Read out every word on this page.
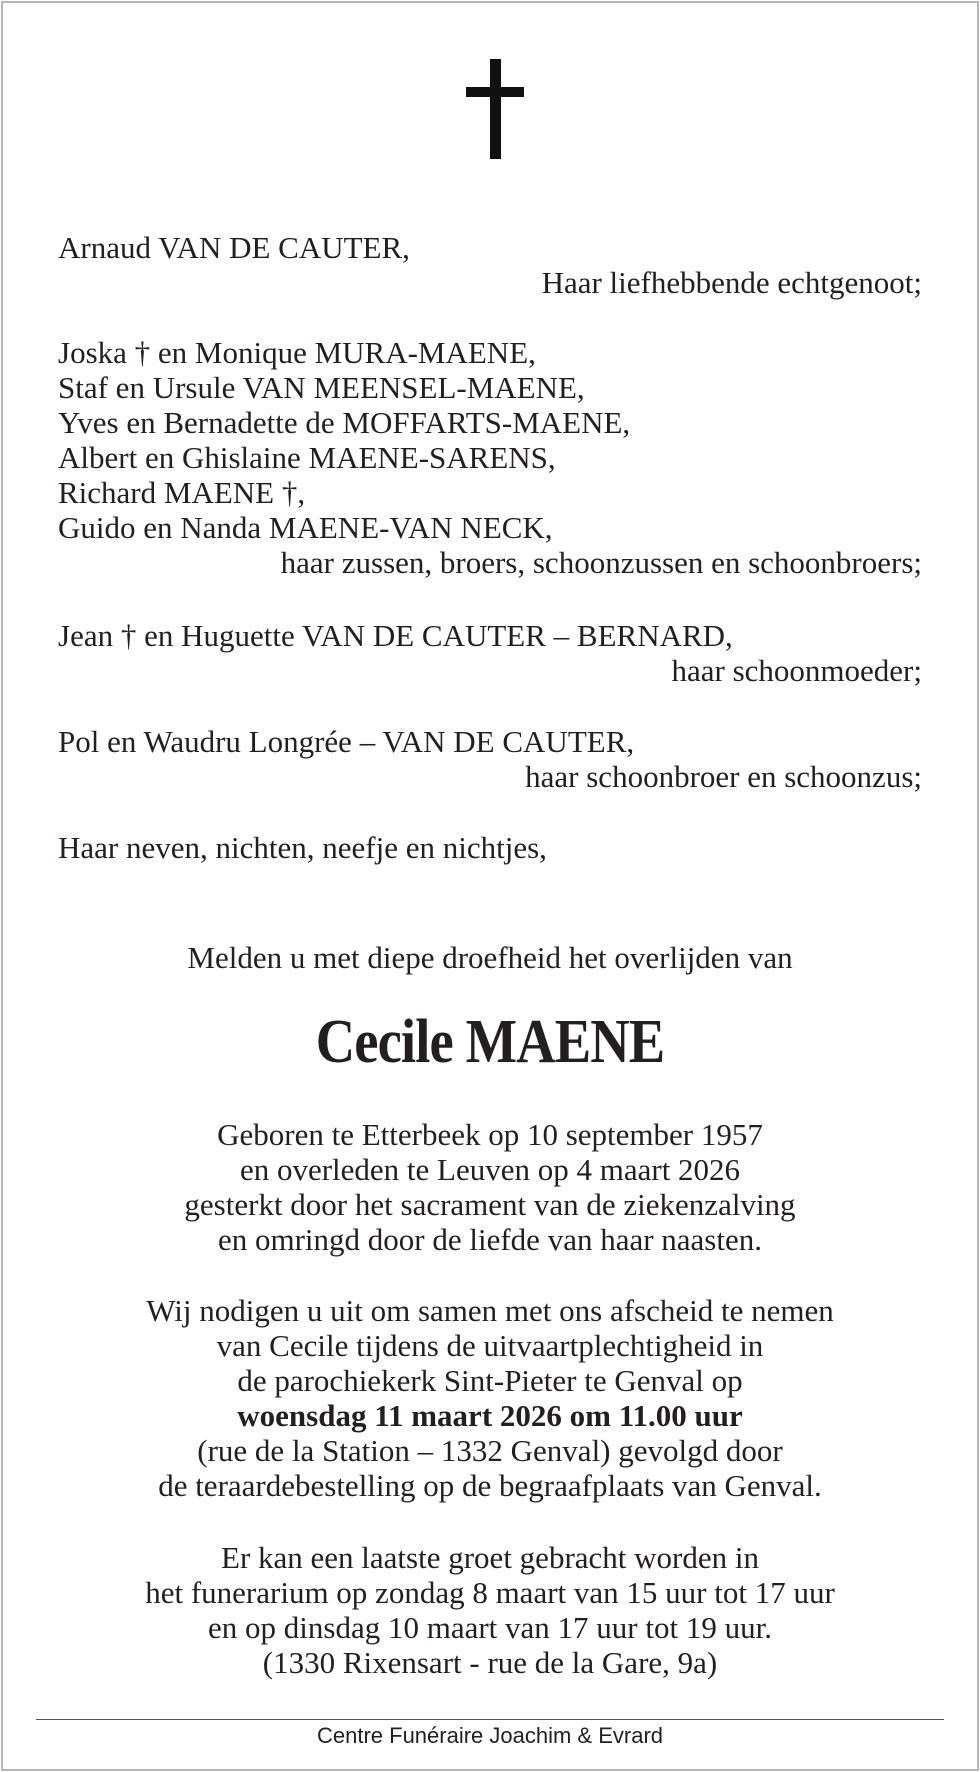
Arnaud VAN DE CAUTER,
Haar liefhebbende echtgenoot;
Joska † en Monique MURA-MAENE,
Staf en Ursule VAN MEENSEL-MAENE,
Yves en Bernadette de MOFFARTS-MAENE,
Albert en Ghislaine MAENE-SARENS,
Richard MAENE †,
Guido en Nanda MAENE-VAN NECK,
haar zussen, broers, schoonzussen en schoonbroers;
Jean † en Huguette VAN DE CAUTER – BERNARD,
haar schoonmoeder;
Pol en Waudru Longrée – VAN DE CAUTER,
haar schoonbroer en schoonzus;
Haar neven, nichten, neefje en nichtjes,
Melden u met diepe droefheid het overlijden van
Cecile MAENE
Geboren te Etterbeek op 10 september 1957
en overleden te Leuven op 4 maart 2026
gesterkt door het sacrament van de ziekenzalving
en omringd door de liefde van haar naasten.
Wij nodigen u uit om samen met ons afscheid te nemen
van Cecile tijdens de uitvaartplechtigheid in
de parochiekerk Sint-Pieter te Genval op
woensdag 11 maart 2026 om 11.00 uur
(rue de la Station – 1332 Genval) gevolgd door
de teraardebestelling op de begraafplaats van Genval.
Er kan een laatste groet gebracht worden in
het funerarium op zondag 8 maart van 15 uur tot 17 uur
en op dinsdag 10 maart van 17 uur tot 19 uur.
(1330 Rixensart - rue de la Gare, 9a)
Centre Funéraire Joachim & Evrard
